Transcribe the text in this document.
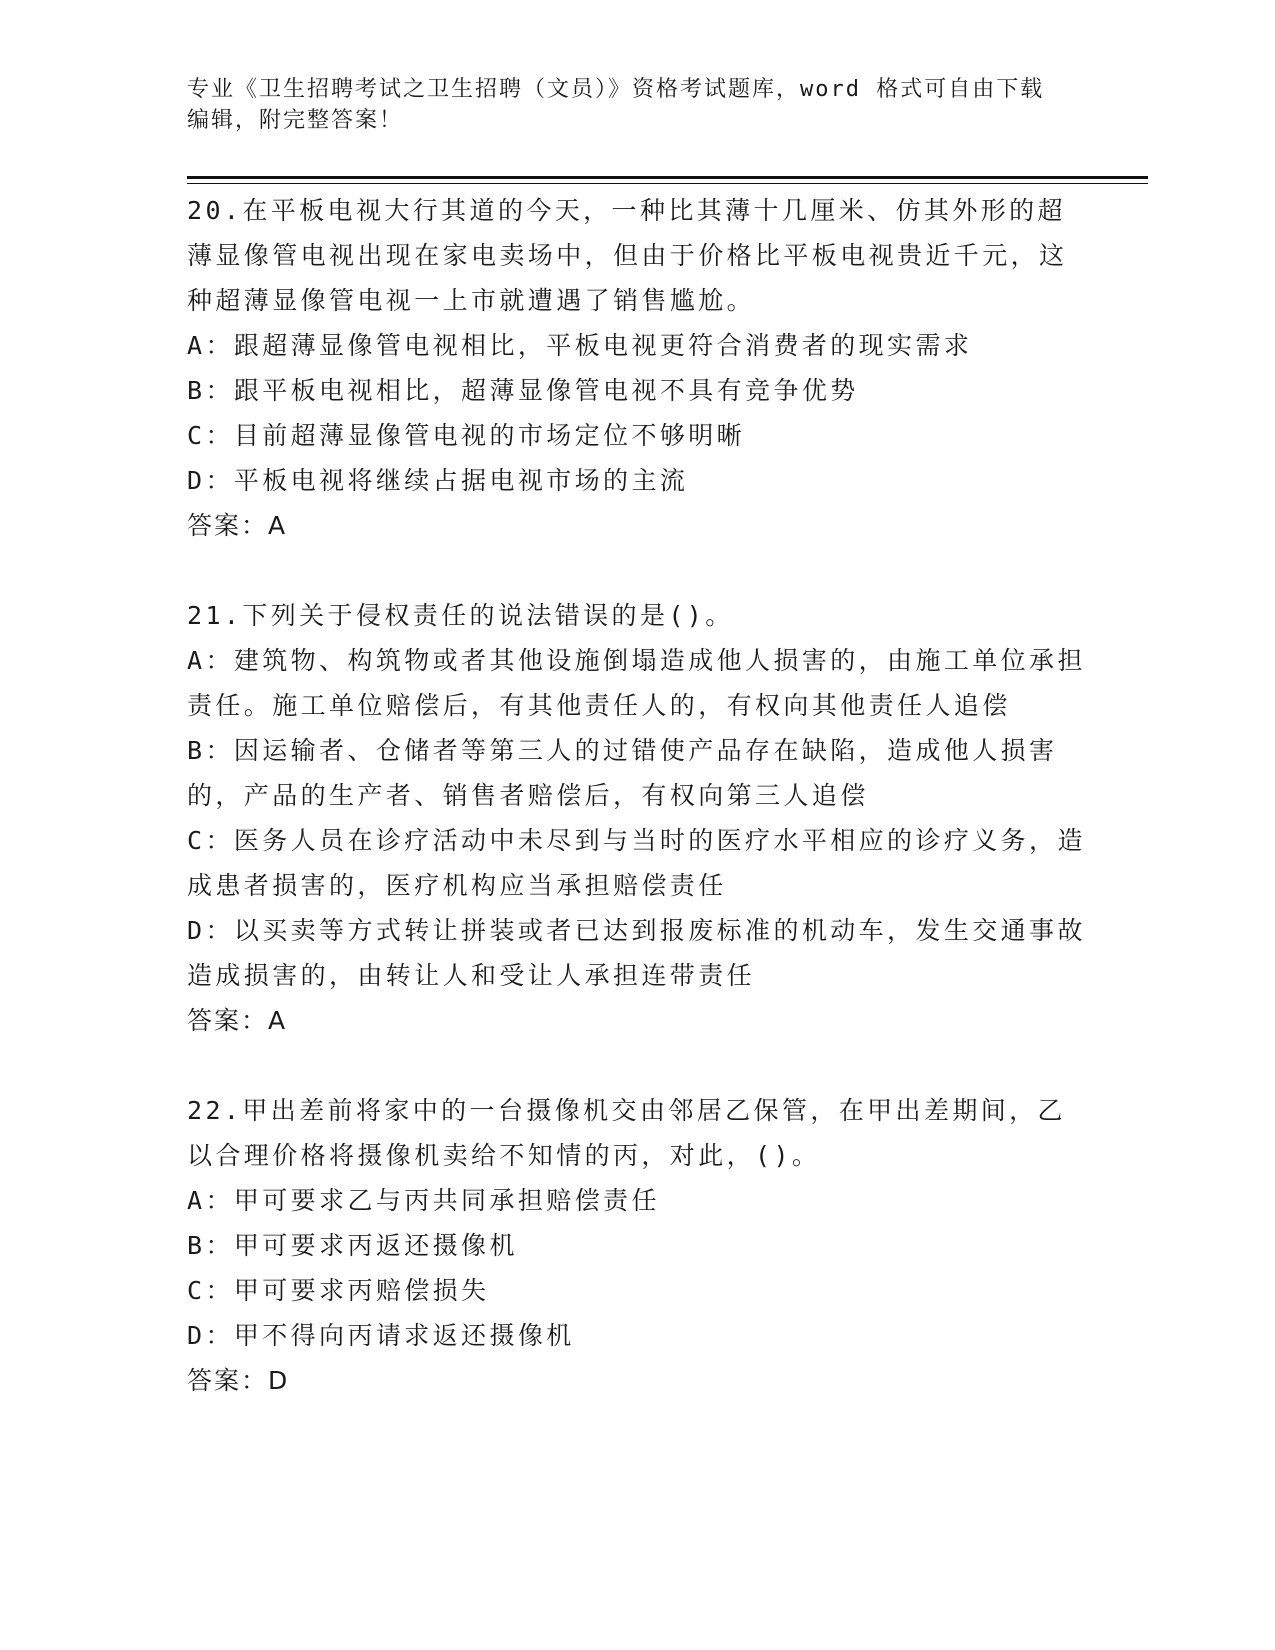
专业《卫生招聘考试之卫生招聘（文员）》资格考试题库，word 格式可自由下载
编辑，附完整答案！
20.在平板电视大行其道的今天，一种比其薄十几厘米、仿其外形的超薄显像管电视出现在家电卖场中，但由于价格比平板电视贵近千元，这种超薄显像管电视一上市就遭遇了销售尴尬。
A：跟超薄显像管电视相比，平板电视更符合消费者的现实需求
B：跟平板电视相比，超薄显像管电视不具有竞争优势
C：目前超薄显像管电视的市场定位不够明晰
D：平板电视将继续占据电视市场的主流
答案：A
21.下列关于侵权责任的说法错误的是()。
A：建筑物、构筑物或者其他设施倒塌造成他人损害的，由施工单位承担责任。施工单位赔偿后，有其他责任人的，有权向其他责任人追偿
B：因运输者、仓储者等第三人的过错使产品存在缺陷，造成他人损害的，产品的生产者、销售者赔偿后，有权向第三人追偿
C：医务人员在诊疗活动中未尽到与当时的医疗水平相应的诊疗义务，造成患者损害的，医疗机构应当承担赔偿责任
D：以买卖等方式转让拼装或者已达到报废标准的机动车，发生交通事故造成损害的，由转让人和受让人承担连带责任
答案：A
22.甲出差前将家中的一台摄像机交由邻居乙保管，在甲出差期间，乙以合理价格将摄像机卖给不知情的丙，对此，()。
A：甲可要求乙与丙共同承担赔偿责任
B：甲可要求丙返还摄像机
C：甲可要求丙赔偿损失
D：甲不得向丙请求返还摄像机
答案：D
